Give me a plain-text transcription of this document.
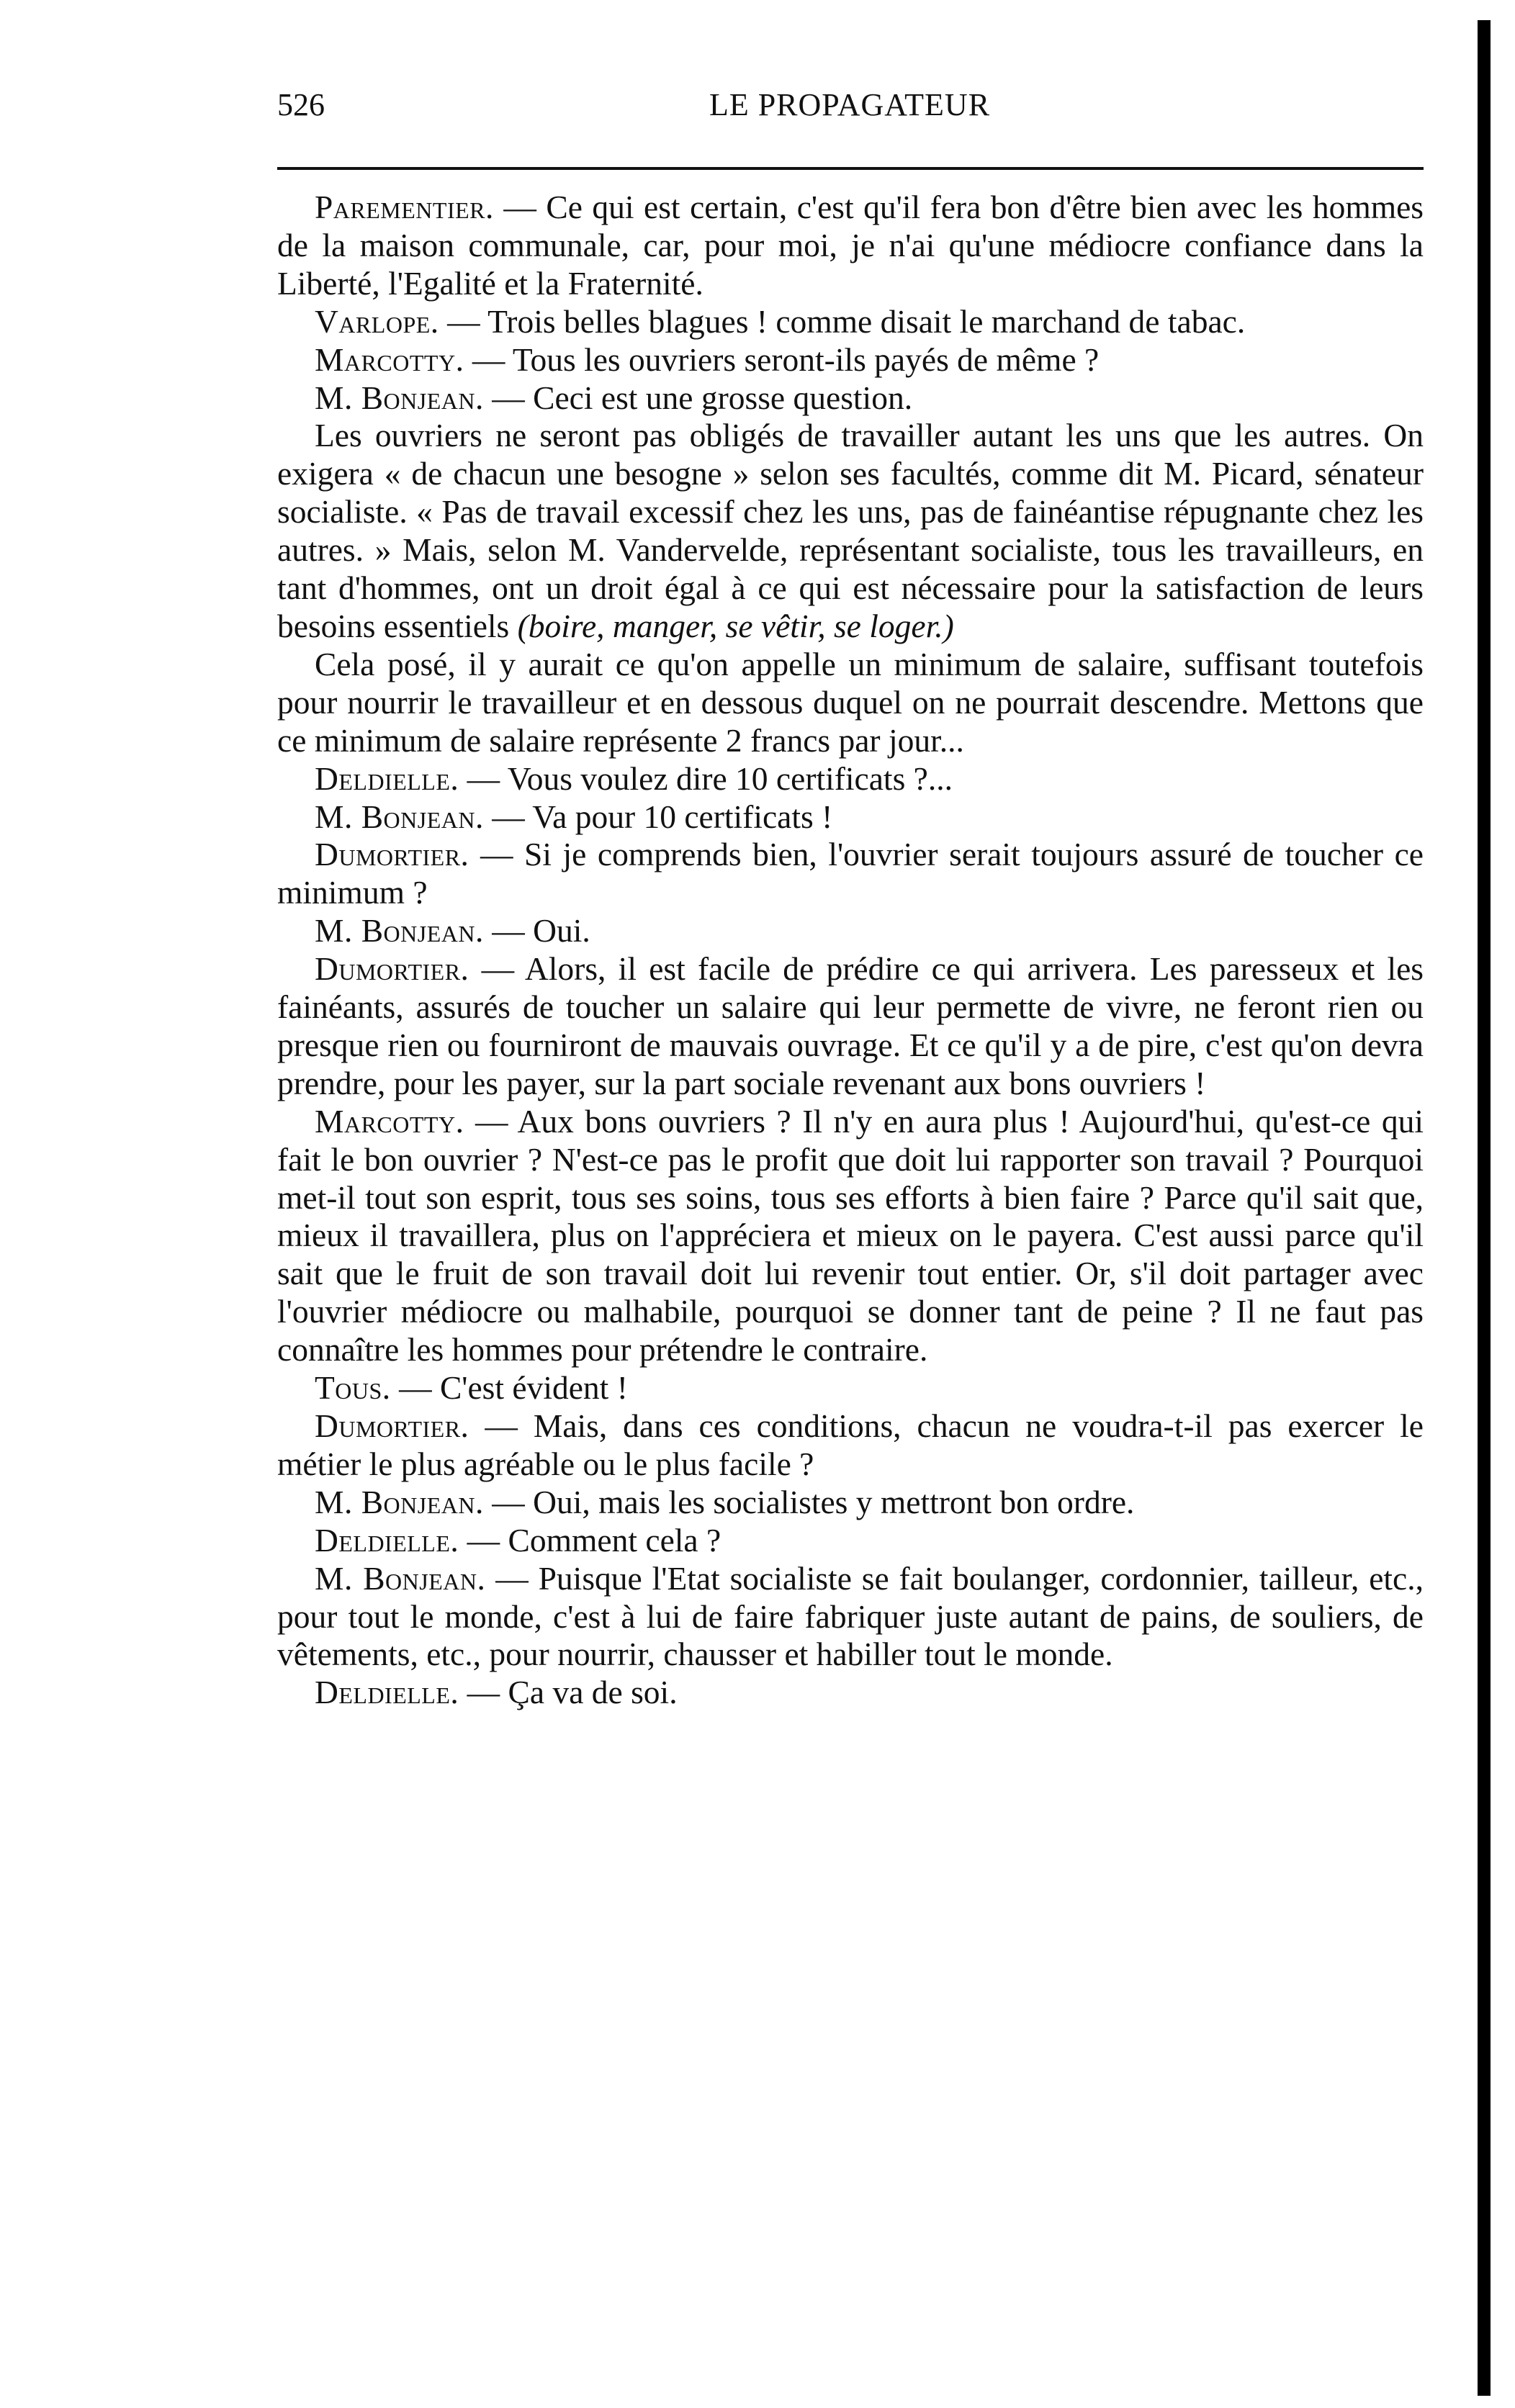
526	LE PROPAGATEUR

Parementier. — Ce qui est certain, c'est qu'il fera bon d'être bien avec les hommes de la maison communale, car, pour moi, je n'ai qu'une médiocre confiance dans la Liberté, l'Egalité et la Fraternité.

Varlope. — Trois belles blagues ! comme disait le marchand de tabac.

Marcotty. — Tous les ouvriers seront-ils payés de même ?

M. Bonjean. — Ceci est une grosse question.

Les ouvriers ne seront pas obligés de travailler autant les uns que les autres. On exigera « de chacun une besogne » selon ses facultés, comme dit M. Picard, sénateur socialiste. « Pas de travail excessif chez les uns, pas de fainéantise répugnante chez les autres. » Mais, selon M. Vandervelde, représentant socialiste, tous les travailleurs, en tant d'hommes, ont un droit égal à ce qui est nécessaire pour la satisfaction de leurs besoins essentiels (boire, manger, se vêtir, se loger.)

Cela posé, il y aurait ce qu'on appelle un minimum de salaire, suffisant toutefois pour nourrir le travailleur et en dessous duquel on ne pourrait descendre. Mettons que ce minimum de salaire représente 2 francs par jour...

Deldielle. — Vous voulez dire 10 certificats ?...

M. Bonjean. — Va pour 10 certificats !

Dumortier. — Si je comprends bien, l'ouvrier serait toujours assuré de toucher ce minimum ?

M. Bonjean. — Oui.

Dumortier. — Alors, il est facile de prédire ce qui arrivera. Les paresseux et les fainéants, assurés de toucher un salaire qui leur permette de vivre, ne feront rien ou presque rien ou fourniront de mauvais ouvrage. Et ce qu'il y a de pire, c'est qu'on devra prendre, pour les payer, sur la part sociale revenant aux bons ouvriers !

Marcotty. — Aux bons ouvriers ? Il n'y en aura plus ! Aujourd'hui, qu'est-ce qui fait le bon ouvrier ? N'est-ce pas le profit que doit lui rapporter son travail ? Pourquoi met-il tout son esprit, tous ses soins, tous ses efforts à bien faire ? Parce qu'il sait que, mieux il travaillera, plus on l'appréciera et mieux on le payera. C'est aussi parce qu'il sait que le fruit de son travail doit lui revenir tout entier. Or, s'il doit partager avec l'ouvrier médiocre ou malhabile, pourquoi se donner tant de peine ? Il ne faut pas connaître les hommes pour prétendre le contraire.

Tous. — C'est évident !

Dumortier. — Mais, dans ces conditions, chacun ne voudra-t-il pas exercer le métier le plus agréable ou le plus facile ?

M. Bonjean. — Oui, mais les socialistes y mettront bon ordre.

Deldielle. — Comment cela ?

M. Bonjean. — Puisque l'Etat socialiste se fait boulanger, cordonnier, tailleur, etc., pour tout le monde, c'est à lui de faire fabriquer juste autant de pains, de souliers, de vêtements, etc., pour nourrir, chausser et habiller tout le monde.

Deldielle. — Ça va de soi.
